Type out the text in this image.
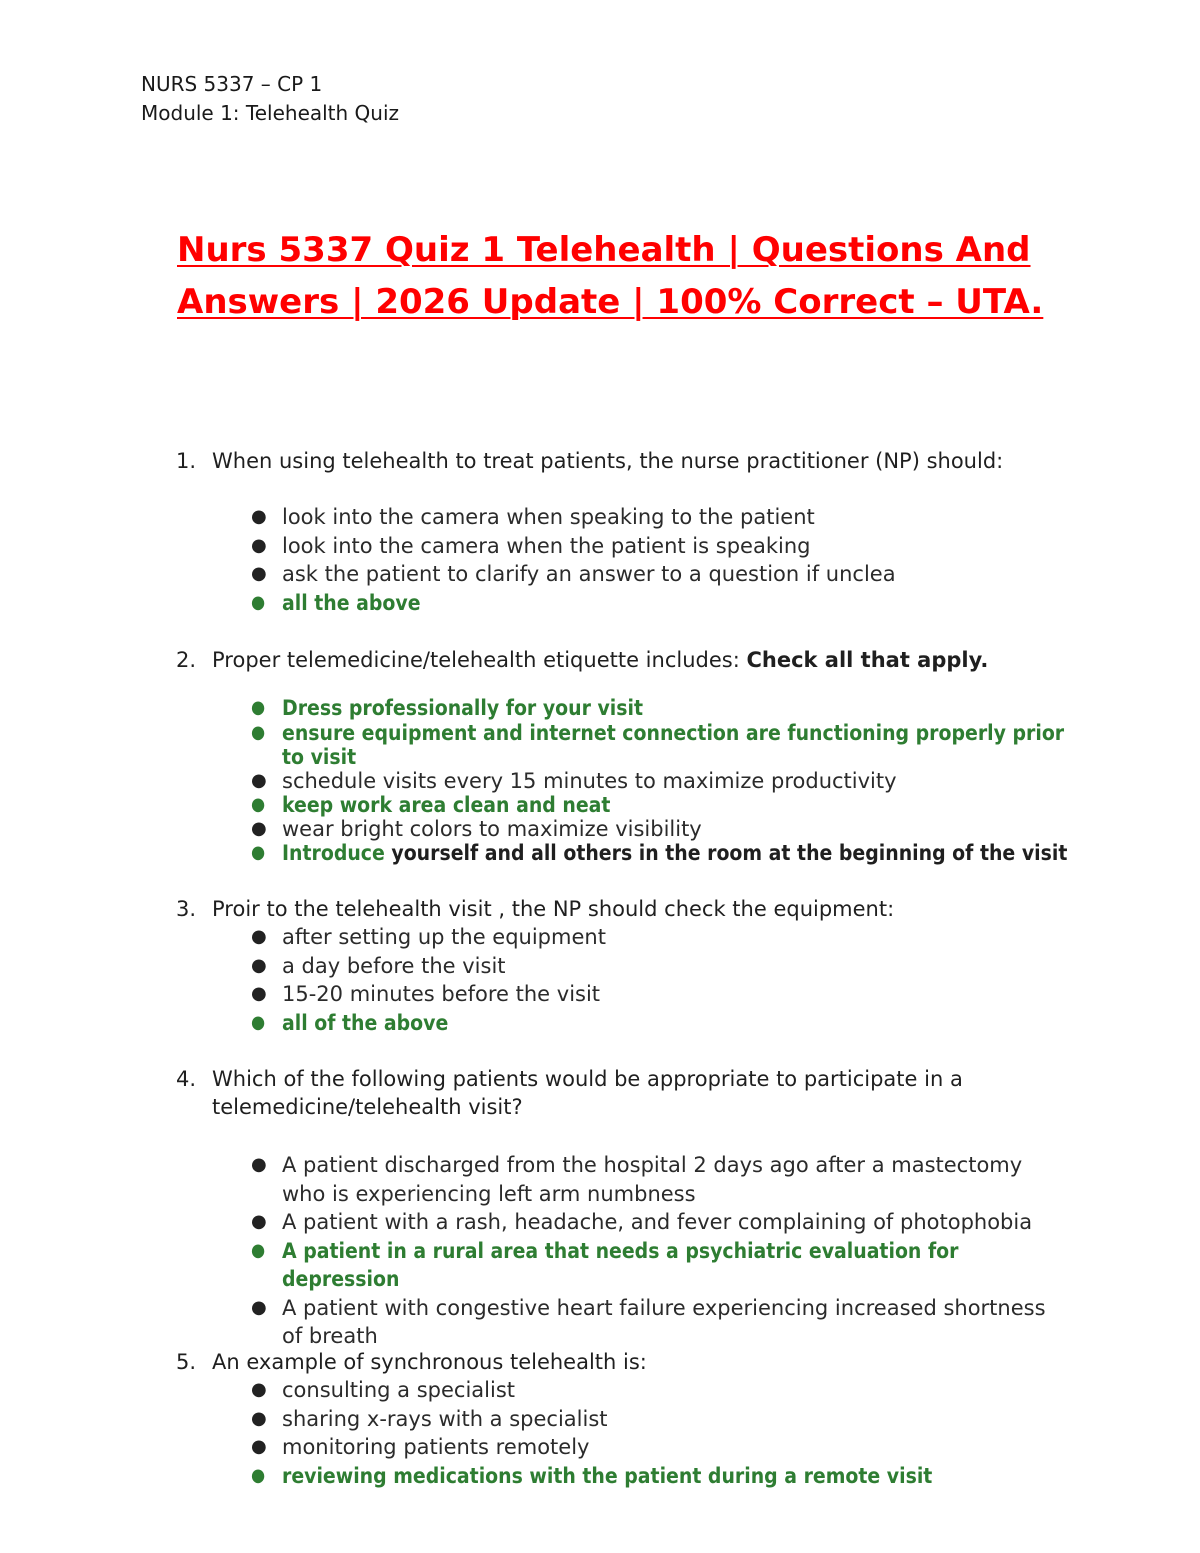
NURS 5337 – CP 1
Module 1: Telehealth Quiz
Nurs 5337 Quiz 1 Telehealth | Questions And
Answers | 2026 Update | 100% Correct – UTA.
1. When using telehealth to treat patients, the nurse practitioner (NP) should:
● look into the camera when speaking to the patient
● look into the camera when the patient is speaking
● ask the patient to clarify an answer to a question if unclea
● all the above
2. Proper telemedicine/telehealth etiquette includes: Check all that apply.
● Dress professionally for your visit
● ensure equipment and internet connection are functioning properly prior to visit
● schedule visits every 15 minutes to maximize productivity
● keep work area clean and neat
● wear bright colors to maximize visibility
● Introduce yourself and all others in the room at the beginning of the visit
3. Proir to the telehealth visit , the NP should check the equipment:
● after setting up the equipment
● a day before the visit
● 15-20 minutes before the visit
● all of the above
4. Which of the following patients would be appropriate to participate in a telemedicine/telehealth visit?
● A patient discharged from the hospital 2 days ago after a mastectomy who is experiencing left arm numbness
● A patient with a rash, headache, and fever complaining of photophobia
● A patient in a rural area that needs a psychiatric evaluation for depression
● A patient with congestive heart failure experiencing increased shortness of breath
5. An example of synchronous telehealth is:
● consulting a specialist
● sharing x-rays with a specialist
● monitoring patients remotely
● reviewing medications with the patient during a remote visit
